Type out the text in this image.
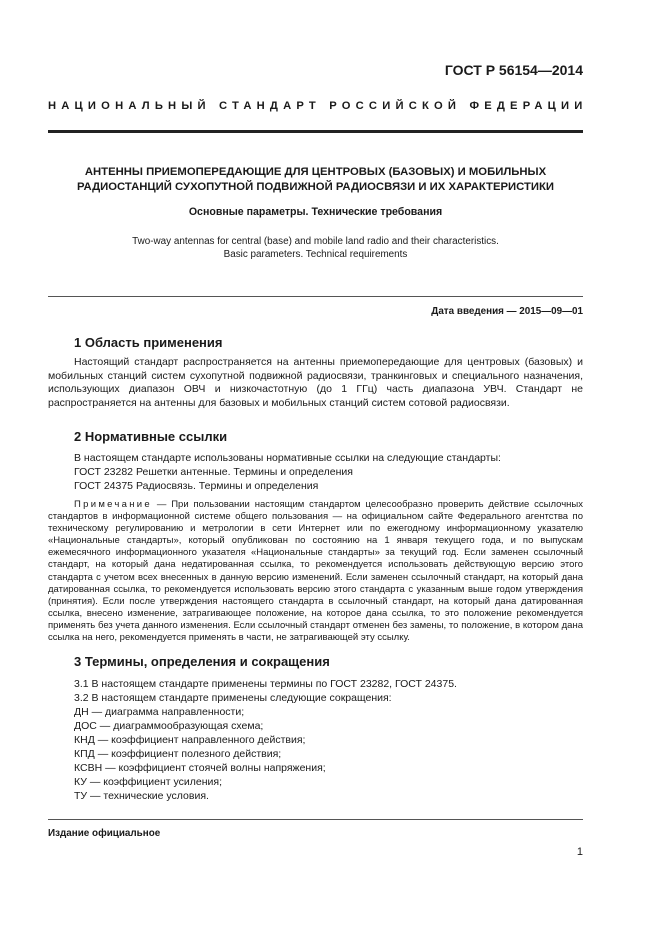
ГОСТ Р 56154—2014
НАЦИОНАЛЬНЫЙ СТАНДАРТ РОССИЙСКОЙ ФЕДЕРАЦИИ
АНТЕННЫ ПРИЕМОПЕРЕДАЮЩИЕ ДЛЯ ЦЕНТРОВЫХ (БАЗОВЫХ) И МОБИЛЬНЫХ
РАДИОСТАНЦИЙ СУХОПУТНОЙ ПОДВИЖНОЙ РАДИОСВЯЗИ И ИХ ХАРАКТЕРИСТИКИ
Основные параметры. Технические требования
Two-way antennas for central (base) and mobile land radio and their characteristics.
Basic parameters. Technical requirements
Дата введения — 2015—09—01
1 Область применения
Настоящий стандарт распространяется на антенны приемопередающие для центровых (базовых) и мобильных станций систем сухопутной подвижной радиосвязи, транкинговых и специального назначения, использующих диапазон ОВЧ и низкочастотную (до 1 ГГц) часть диапазона УВЧ. Стандарт не распространяется на антенны для базовых и мобильных станций систем сотовой радиосвязи.
2 Нормативные ссылки
В настоящем стандарте использованы нормативные ссылки на следующие стандарты:
ГОСТ 23282 Решетки антенные. Термины и определения
ГОСТ 24375 Радиосвязь. Термины и определения
Примечание — При пользовании настоящим стандартом целесообразно проверить действие ссылочных стандартов в информационной системе общего пользования — на официальном сайте Федерального агентства по техническому регулированию и метрологии в сети Интернет или по ежегодному информационному указателю «Национальные стандарты», который опубликован по состоянию на 1 января текущего года, и по выпускам ежемесячного информационного указателя «Национальные стандарты» за текущий год. Если заменен ссылочный стандарт, на который дана недатированная ссылка, то рекомендуется использовать действующую версию этого стандарта с учетом всех внесенных в данную версию изменений. Если заменен ссылочный стандарт, на который дана датированная ссылка, то рекомендуется использовать версию этого стандарта с указанным выше годом утверждения (принятия). Если после утверждения настоящего стандарта в ссылочный стандарт, на который дана датированная ссылка, внесено изменение, затрагивающее положение, на которое дана ссылка, то это положение рекомендуется применять без учета данного изменения. Если ссылочный стандарт отменен без замены, то положение, в котором дана ссылка на него, рекомендуется применять в части, не затрагивающей эту ссылку.
3 Термины, определения и сокращения
3.1 В настоящем стандарте применены термины по ГОСТ 23282, ГОСТ 24375.
3.2 В настоящем стандарте применены следующие сокращения:
ДН — диаграмма направленности;
ДОС — диаграммообразующая схема;
КНД — коэффициент направленного действия;
КПД — коэффициент полезного действия;
КСВН — коэффициент стоячей волны напряжения;
КУ — коэффициент усиления;
ТУ — технические условия.
Издание официальное
1
